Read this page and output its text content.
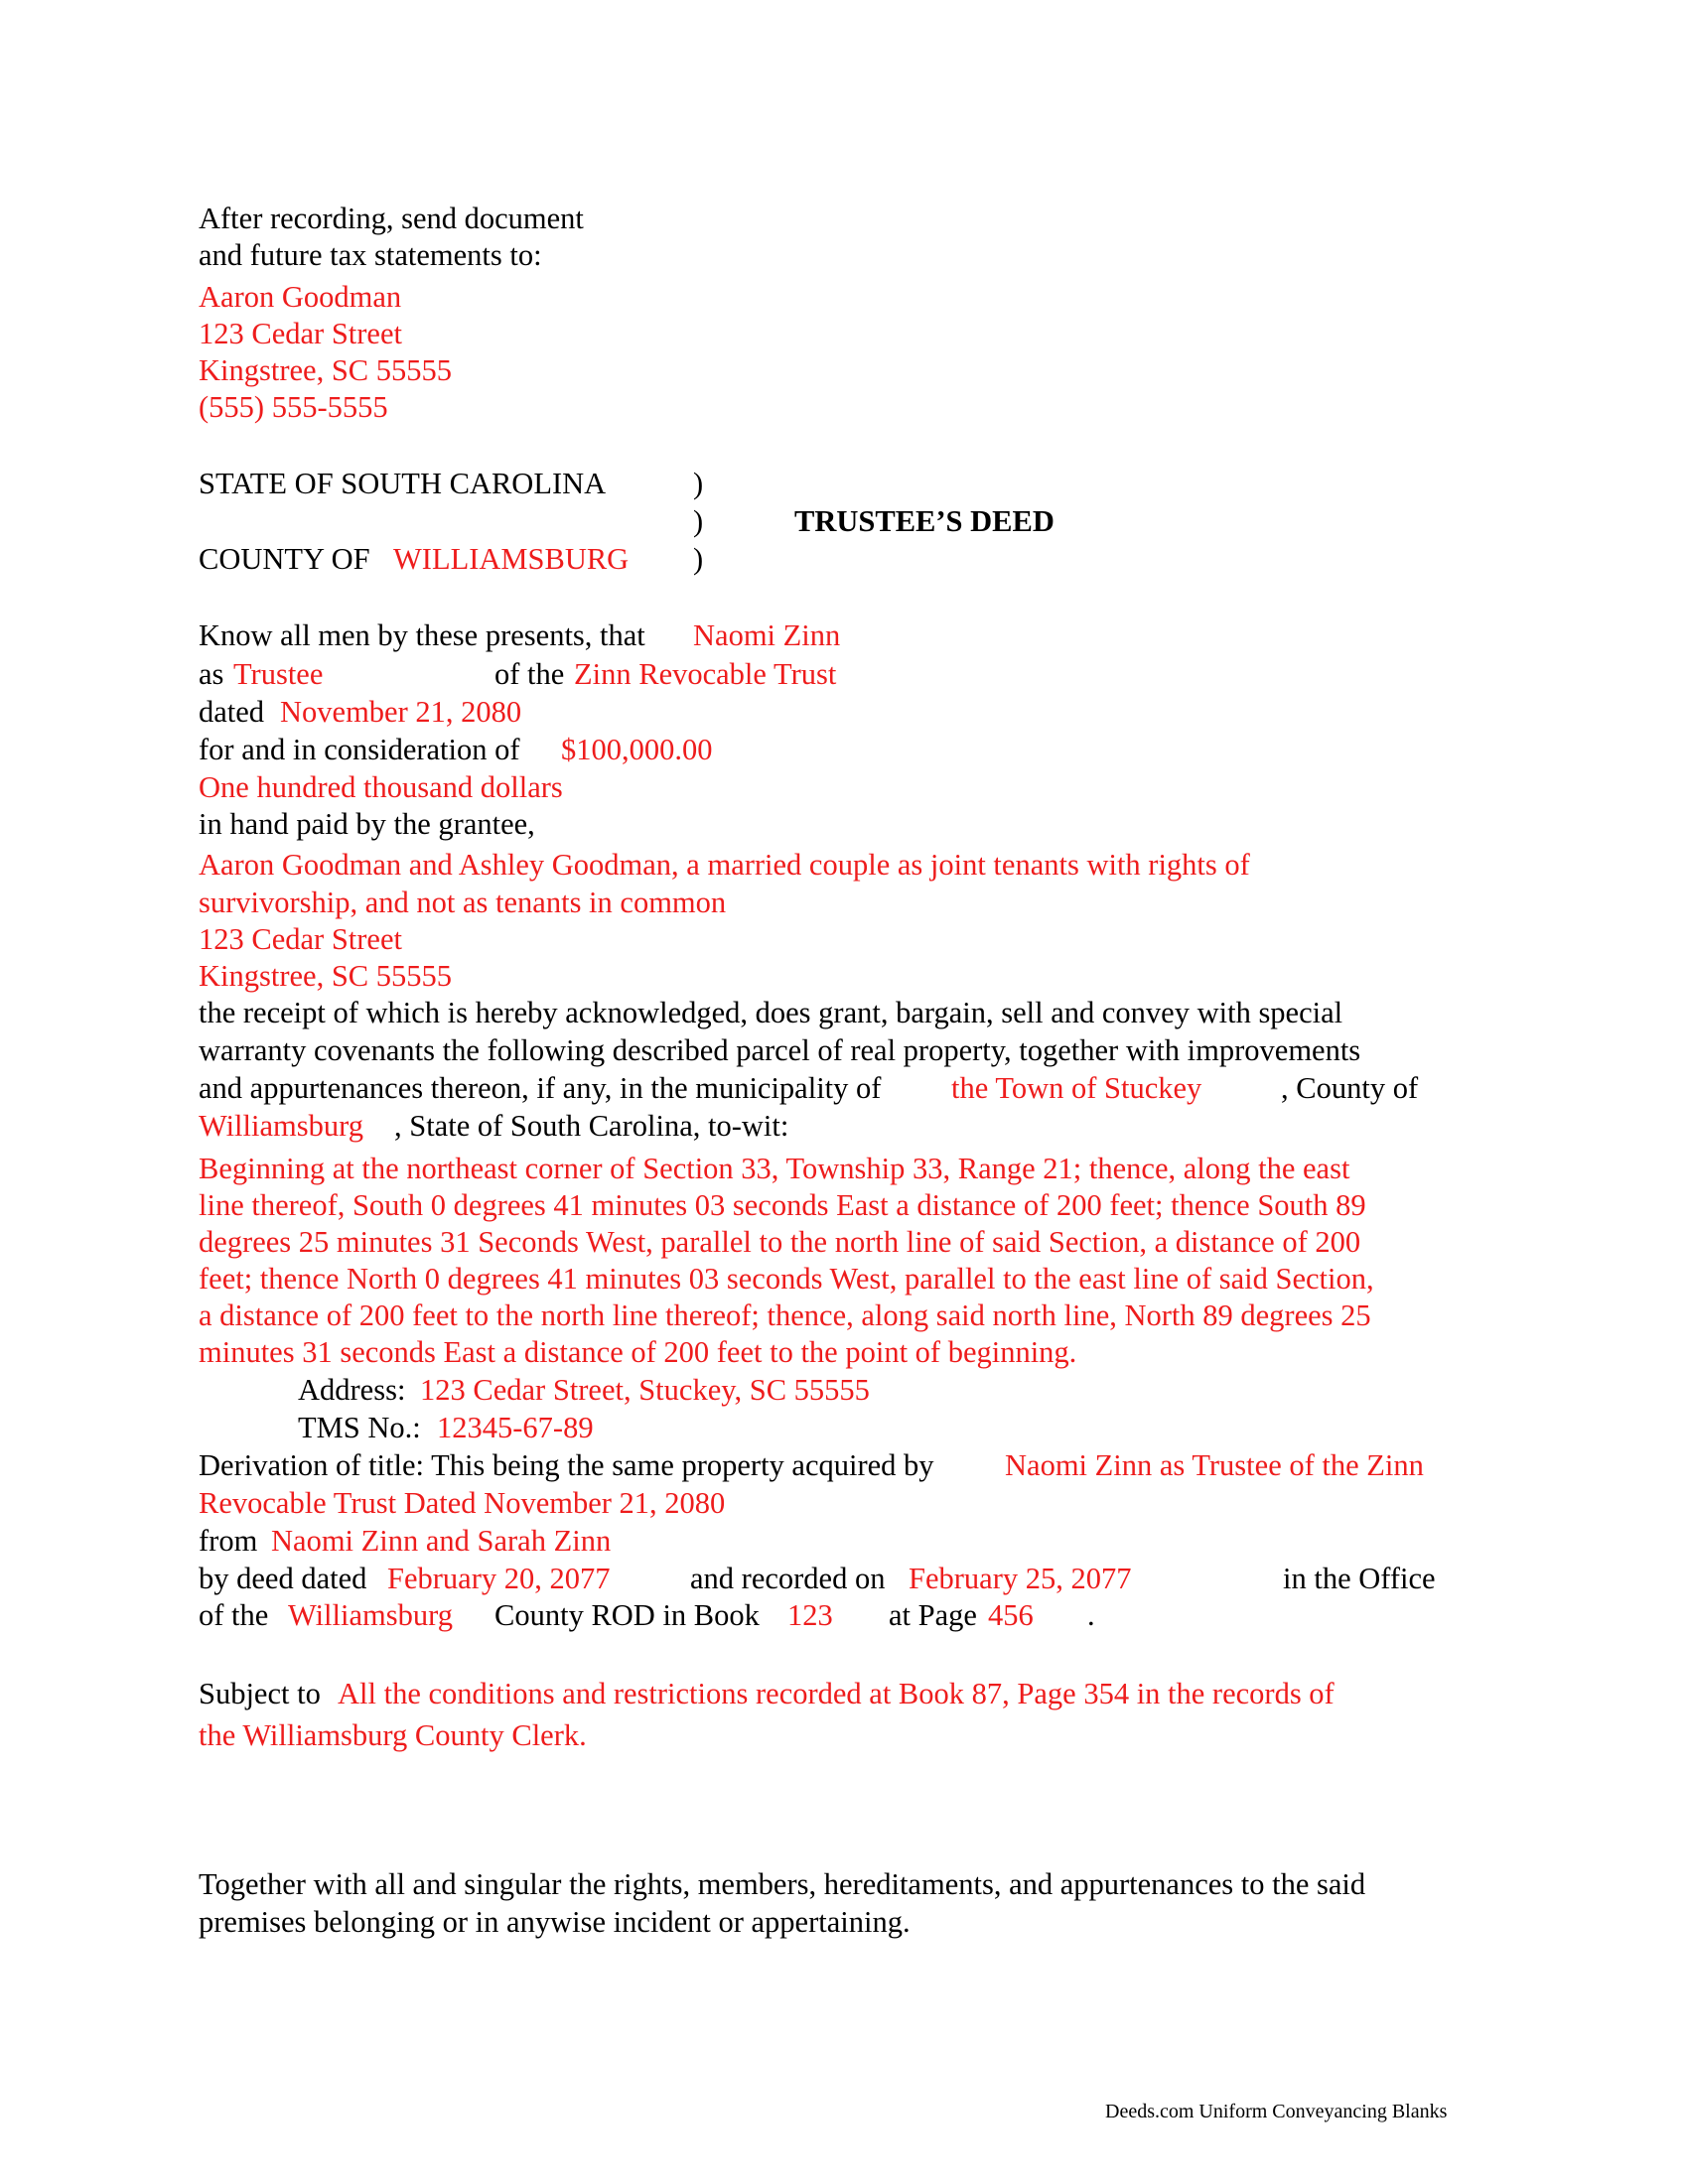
After recording, send document
and future tax statements to:
Aaron Goodman
123 Cedar Street
Kingstree, SC 55555
(555) 555-5555
STATE OF SOUTH CAROLINA	)
)	TRUSTEE’S DEED
COUNTY OF WILLIAMSBURG )
Know all men by these presents, that Naomi Zinn
as Trustee	of the Zinn Revocable Trust
dated November 21, 2080
for and in consideration of $100,000.00
One hundred thousand dollars
in hand paid by the grantee,
Aaron Goodman and Ashley Goodman, a married couple as joint tenants with rights of
survivorship, and not as tenants in common
123 Cedar Street
Kingstree, SC 55555
the receipt of which is hereby acknowledged, does grant, bargain, sell and convey with special
warranty covenants the following described parcel of real property, together with improvements
and appurtenances thereon, if any, in the municipality of the Town of Stuckey	, County of
Williamsburg , State of South Carolina, to-wit:
Beginning at the northeast corner of Section 33, Township 33, Range 21; thence, along the east
line thereof, South 0 degrees 41 minutes 03 seconds East a distance of 200 feet; thence South 89
degrees 25 minutes 31 Seconds West, parallel to the north line of said Section, a distance of 200
feet; thence North 0 degrees 41 minutes 03 seconds West, parallel to the east line of said Section,
a distance of 200 feet to the north line thereof; thence, along said north line, North 89 degrees 25
minutes 31 seconds East a distance of 200 feet to the point of beginning.
Address: 123 Cedar Street, Stuckey, SC 55555
TMS No.: 12345-67-89
Derivation of title: This being the same property acquired by Naomi Zinn as Trustee of the Zinn
Revocable Trust Dated November 21, 2080
from Naomi Zinn and Sarah Zinn
by deed dated February 20, 2077	and recorded on February 25, 2077	in the Office
of the Williamsburg County ROD in Book 123 at Page 456 .
Subject to All the conditions and restrictions recorded at Book 87, Page 354 in the records of
the Williamsburg County Clerk.
Together with all and singular the rights, members, hereditaments, and appurtenances to the said
premises belonging or in anywise incident or appertaining.
Deeds.com Uniform Conveyancing Blanks
